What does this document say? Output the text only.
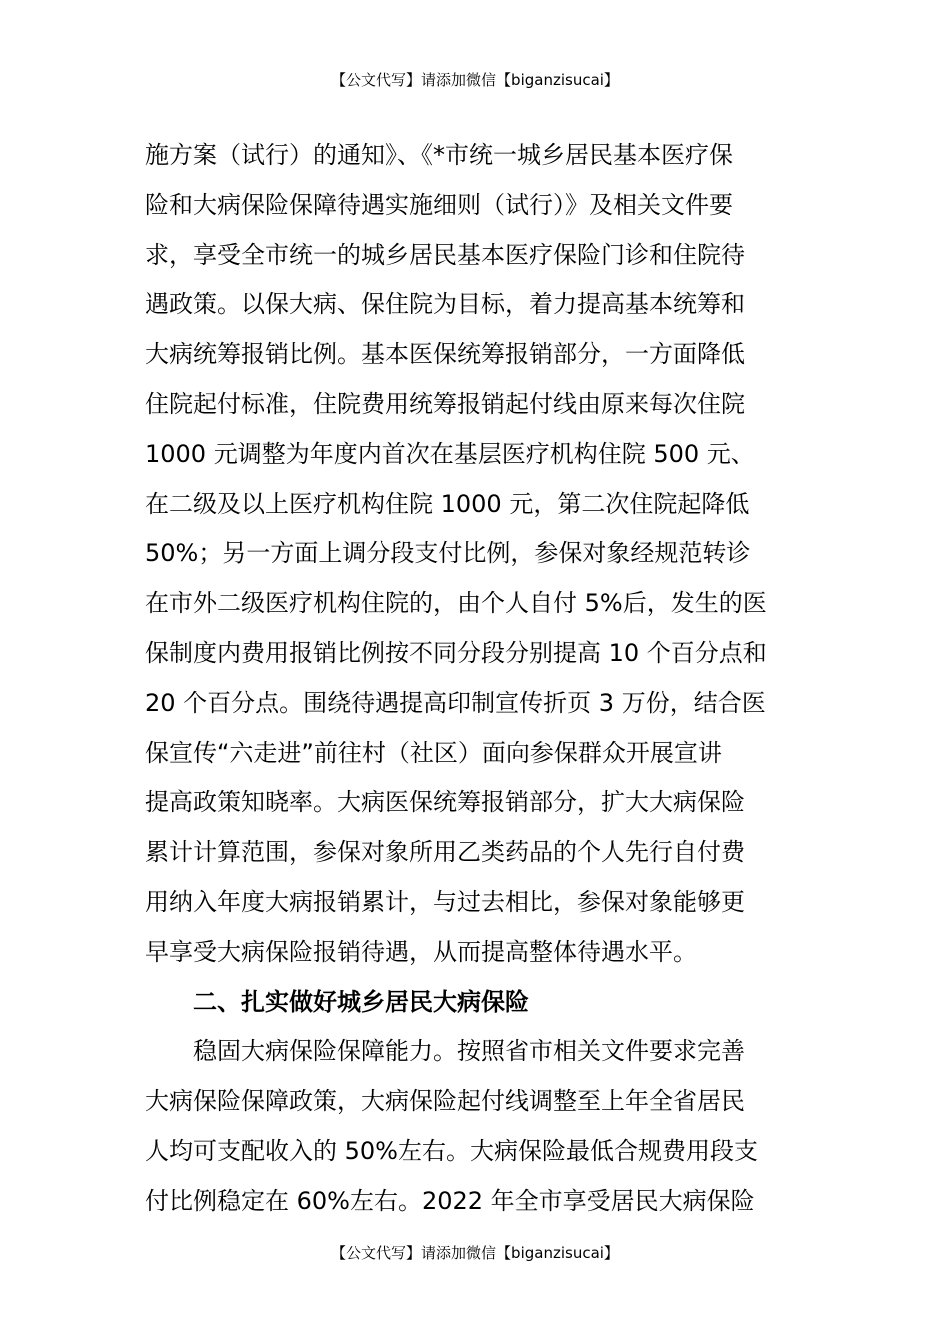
【公文代写】请添加微信【biganzisucai】
施方案（试行）的通知》、《*市统一城乡居民基本医疗保
险和大病保险保障待遇实施细则（试行）》及相关文件要
求，享受全市统一的城乡居民基本医疗保险门诊和住院待
遇政策。以保大病、保住院为目标，着力提高基本统筹和
大病统筹报销比例。基本医保统筹报销部分，一方面降低
住院起付标准，住院费用统筹报销起付线由原来每次住院
1000 元调整为年度内首次在基层医疗机构住院 500 元、
在二级及以上医疗机构住院 1000 元，第二次住院起降低
50%；另一方面上调分段支付比例，参保对象经规范转诊
在市外二级医疗机构住院的，由个人自付 5%后，发生的医
保制度内费用报销比例按不同分段分别提高 10 个百分点和
20 个百分点。围绕待遇提高印制宣传折页 3 万份，结合医
保宣传“六走进”前往村（社区）面向参保群众开展宣讲
提高政策知晓率。大病医保统筹报销部分，扩大大病保险
累计计算范围，参保对象所用乙类药品的个人先行自付费
用纳入年度大病报销累计，与过去相比，参保对象能够更
早享受大病保险报销待遇，从而提高整体待遇水平。
二、扎实做好城乡居民大病保险
稳固大病保险保障能力。按照省市相关文件要求完善
大病保险保障政策，大病保险起付线调整至上年全省居民
人均可支配收入的 50%左右。大病保险最低合规费用段支
付比例稳定在 60%左右。2022 年全市享受居民大病保险
【公文代写】请添加微信【biganzisucai】
